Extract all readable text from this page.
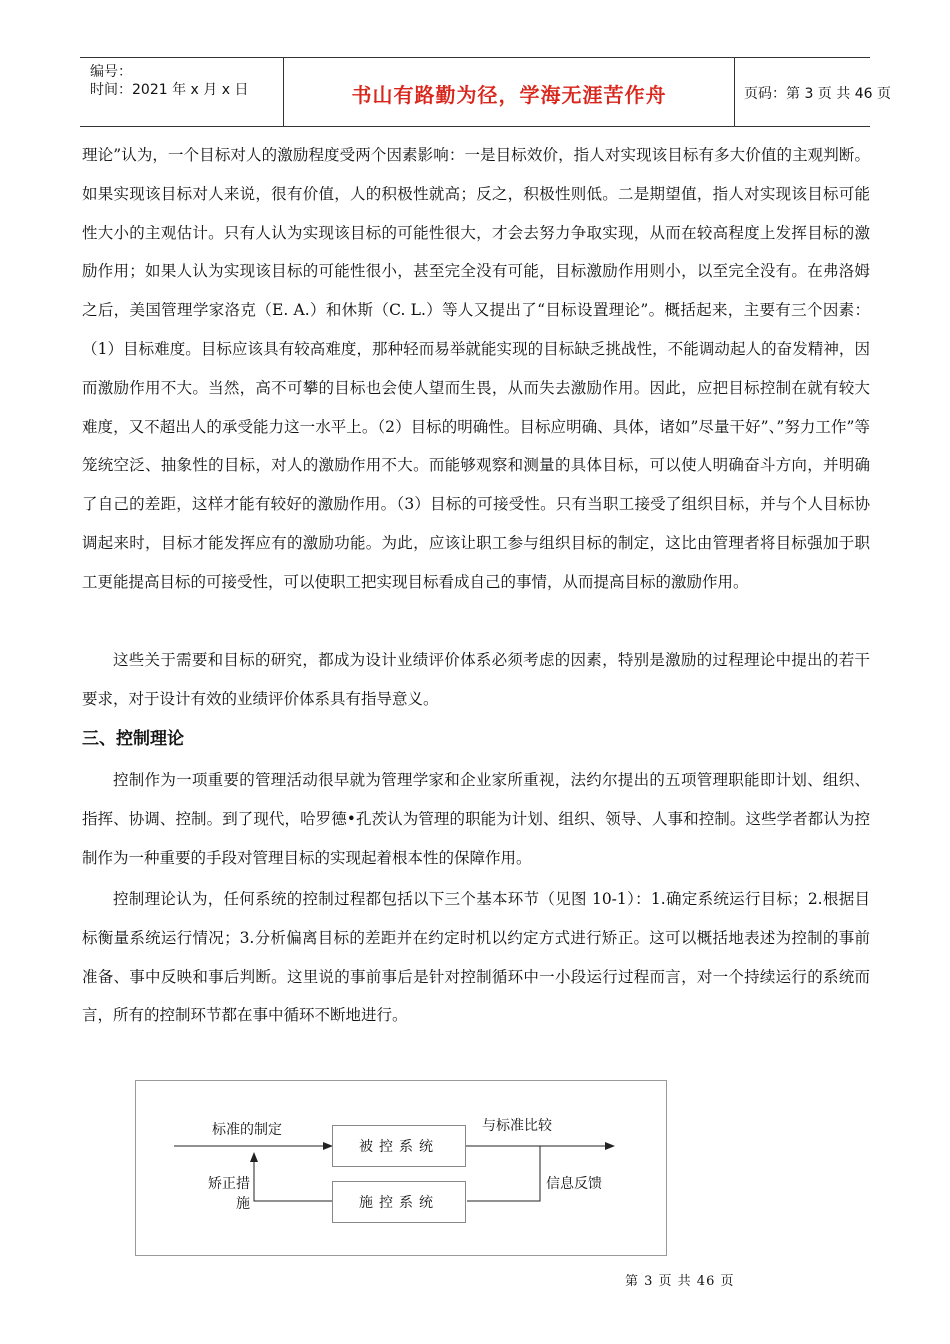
编号：
时间：2021 年 x 月 x 日	书山有路勤为径，学海无涯苦作舟	页码：第 3 页 共 46 页

理论”认为，一个目标对人的激励程度受两个因素影响：一是目标效价，指人对实现该目标有多大价值的主观判断。如果实现该目标对人来说，很有价值，人的积极性就高；反之，积极性则低。二是期望值，指人对实现该目标可能性大小的主观估计。只有人认为实现该目标的可能性很大，才会去努力争取实现，从而在较高程度上发挥目标的激励作用；如果人认为实现该目标的可能性很小，甚至完全没有可能，目标激励作用则小，以至完全没有。在弗洛姆之后，美国管理学家洛克（E. A.）和休斯（C. L.）等人又提出了“目标设置理论”。概括起来，主要有三个因素：（1）目标难度。目标应该具有较高难度，那种轻而易举就能实现的目标缺乏挑战性，不能调动起人的奋发精神，因而激励作用不大。当然，高不可攀的目标也会使人望而生畏，从而失去激励作用。因此，应把目标控制在就有较大难度，又不超出人的承受能力这一水平上。（2）目标的明确性。目标应明确、具体，诸如”尽量干好”、”努力工作”等笼统空泛、抽象性的目标，对人的激励作用不大。而能够观察和测量的具体目标，可以使人明确奋斗方向，并明确了自己的差距，这样才能有较好的激励作用。（3）目标的可接受性。只有当职工接受了组织目标，并与个人目标协调起来时，目标才能发挥应有的激励功能。为此，应该让职工参与组织目标的制定，这比由管理者将目标强加于职工更能提高目标的可接受性，可以使职工把实现目标看成自己的事情，从而提高目标的激励作用。

这些关于需要和目标的研究，都成为设计业绩评价体系必须考虑的因素，特别是激励的过程理论中提出的若干要求，对于设计有效的业绩评价体系具有指导意义。

三、控制理论

控制作为一项重要的管理活动很早就为管理学家和企业家所重视，法约尔提出的五项管理职能即计划、组织、指挥、协调、控制。到了现代，哈罗德•孔茨认为管理的职能为计划、组织、领导、人事和控制。这些学者都认为控制作为一种重要的手段对管理目标的实现起着根本性的保障作用。

控制理论认为，任何系统的控制过程都包括以下三个基本环节（见图 10-1）：1.确定系统运行目标；2.根据目标衡量系统运行情况；3.分析偏离目标的差距并在约定时机以约定方式进行矫正。这可以概括地表述为控制的事前准备、事中反映和事后判断。这里说的事前事后是针对控制循环中一小段运行过程而言，对一个持续运行的系统而言，所有的控制环节都在事中循环不断地进行。

标准的制定	与标准比较
矫正措
施
信息反馈
被控系统
施控系统
第 3 页 共 46 页
